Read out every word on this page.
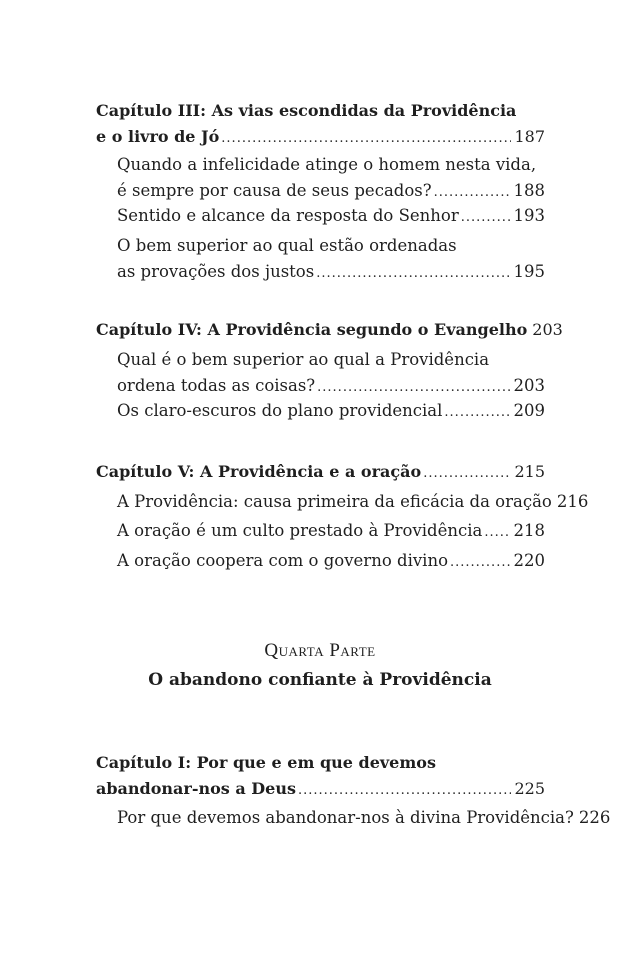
Capítulo III: As vias escondidas da Providência
e o livro de Jó .....	187
Quando a infelicidade atinge o homem nesta vida,
é sempre por causa de seus pecados? .....	188
Sentido e alcance da resposta do Senhor .....	193
O bem superior ao qual estão ordenadas
as provações dos justos .....	195
Capítulo IV: A Providência segundo o Evangelho 203
Qual é o bem superior ao qual a Providência
ordena todas as coisas? .....	203
Os claro-escuros do plano providencial .....	209
Capítulo V: A Providência e a oração .....	215
A Providência: causa primeira da eficácia da oração 216
A oração é um culto prestado à Providência ..... 218
A oração coopera com o governo divino .....	220
Quarta Parte
O abandono confiante à Providência
Capítulo I: Por que e em que devemos
abandonar-nos a Deus .....	225
Por que devemos abandonar-nos à divina Providência? 226
